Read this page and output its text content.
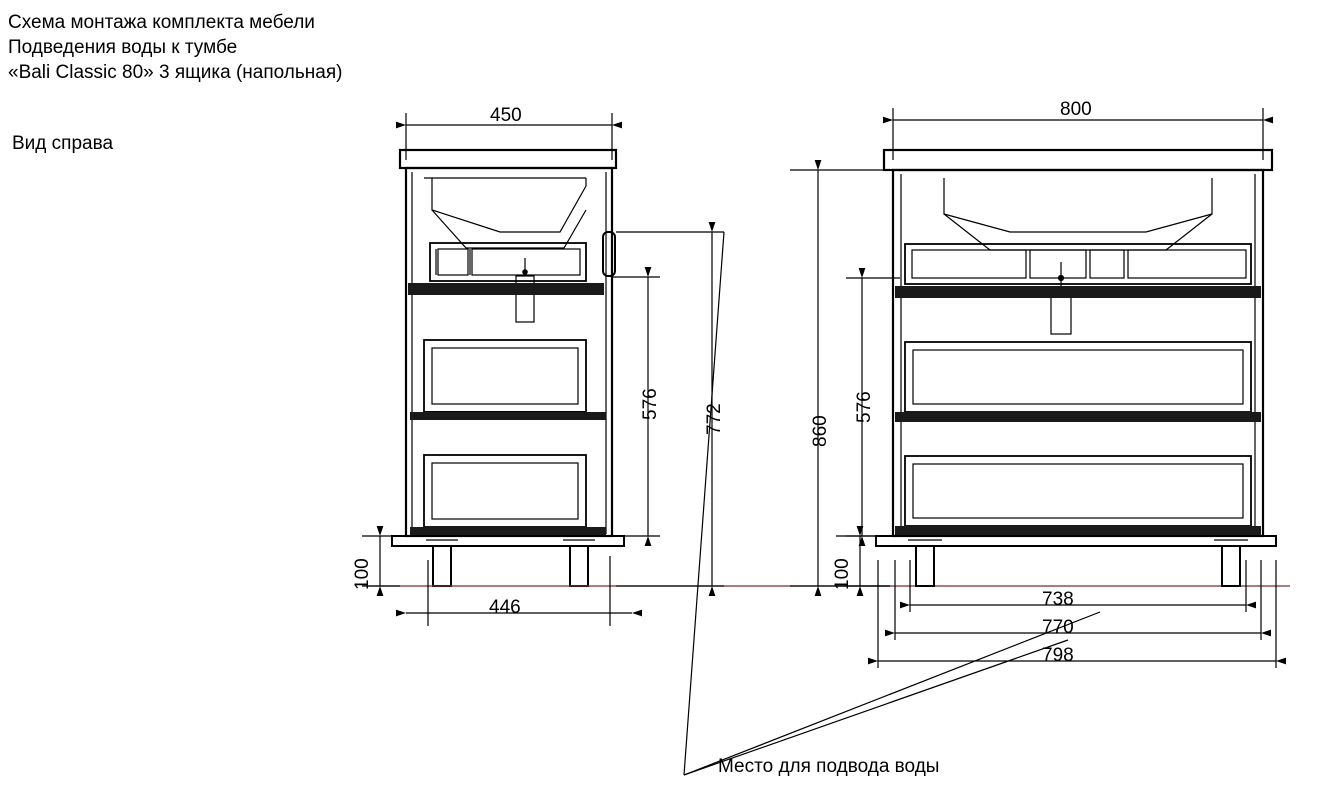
Схема монтажа комплекта мебели
Подведения воды к тумбе
«Bali Classic 80» 3 ящика (напольная)
Вид справа
450
576 772
100
446
800
860
576
100
738
770
798
Место для подвода воды
